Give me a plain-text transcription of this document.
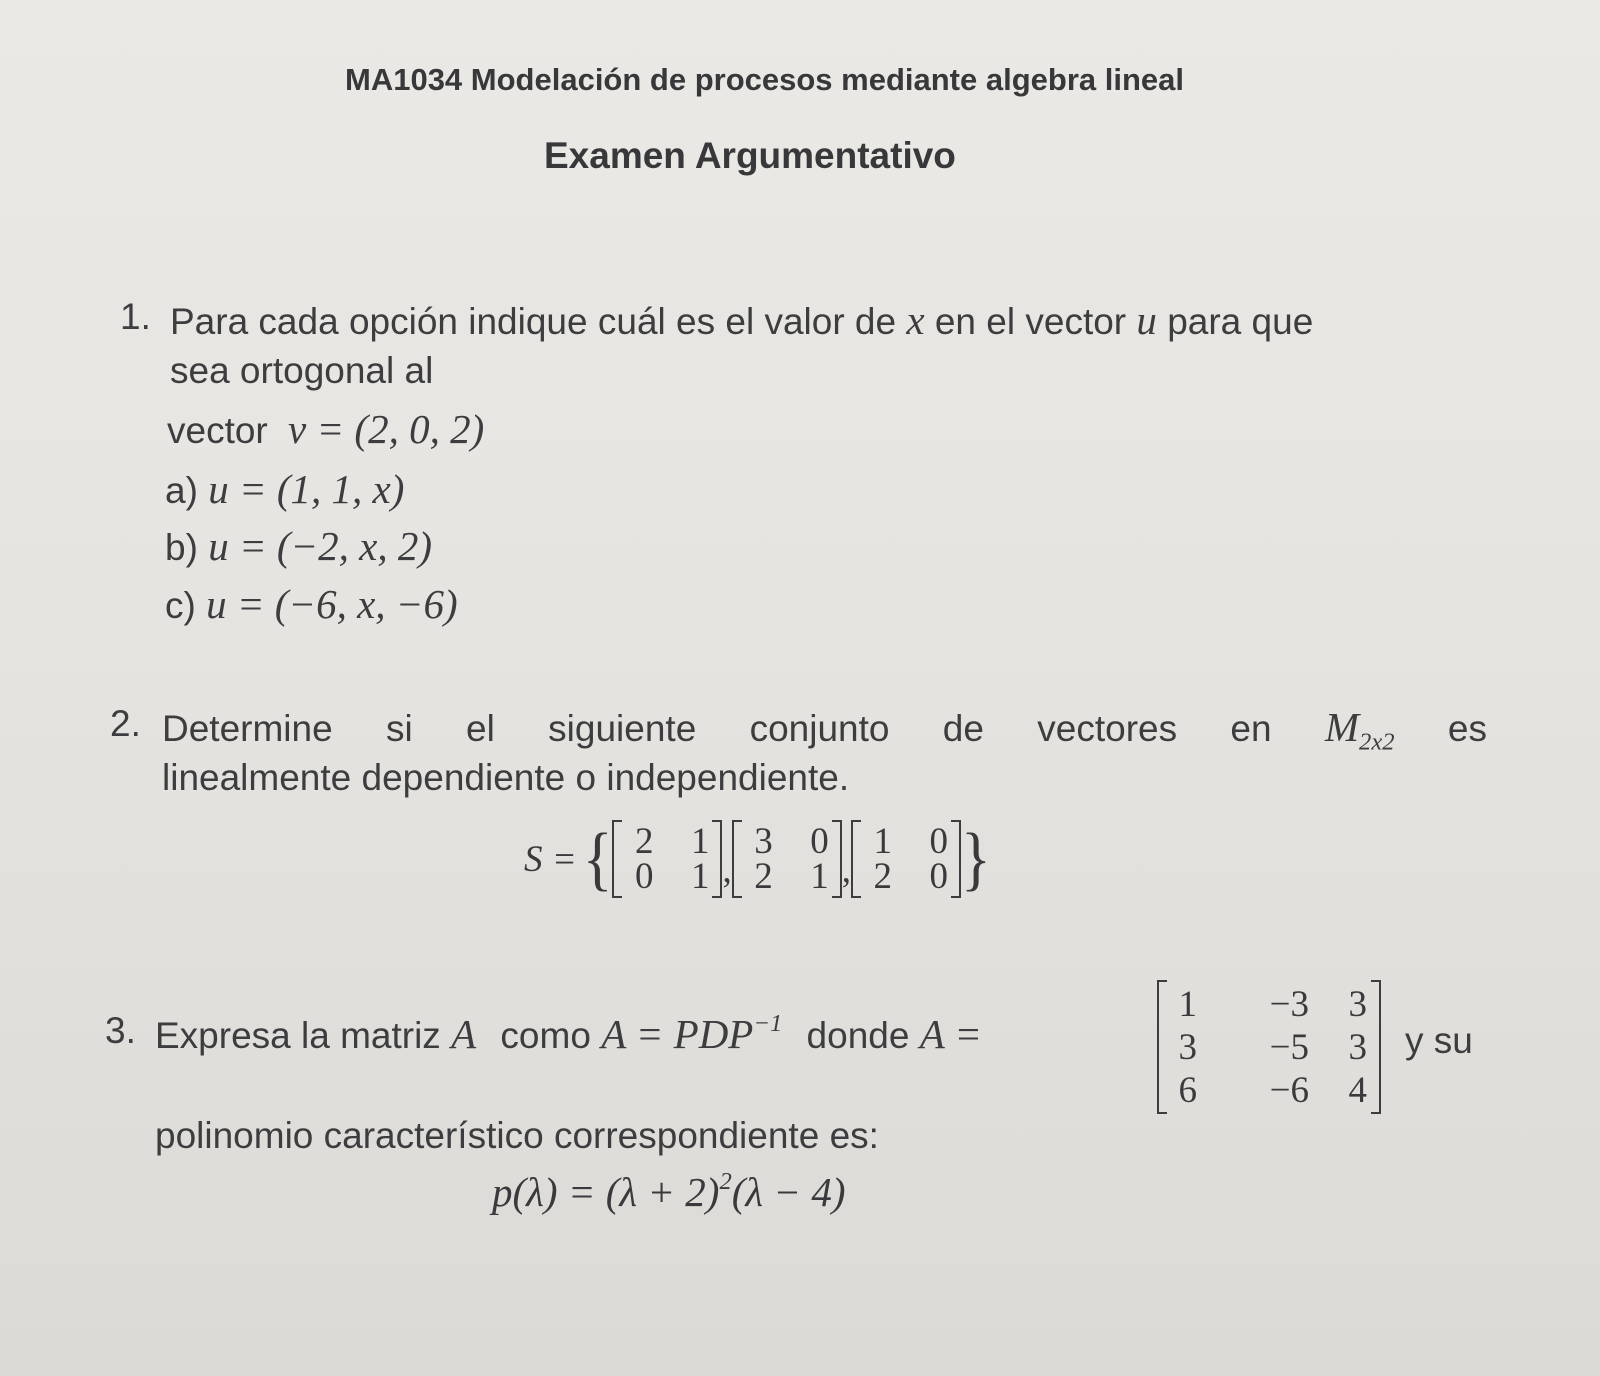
MA1034 Modelación de procesos mediante algebra lineal
Examen Argumentativo
1. Para cada opción indique cuál es el valor de x en el vector u para que
sea ortogonal al
vector v = (2, 0, 2)
a) u = (1, 1, x)
b) u = (−2, x, 2)
c) u = (−6, x, −6)
2. Determine si el siguiente conjunto de vectores en $M_{2x2}$ es
linealmente dependiente o independiente.
S = { 2	1
0	1 ,
3	0
2	1 ,
1	0
2	0 }
3. Expresa la matriz A como $A = PDP^{-1}$ donde A =
1	−3	3
3	−5	3
6	−6	4
y su
polinomio característico correspondiente es:
$p(\lambda) = (\lambda + 2)^2(\lambda - 4)$
